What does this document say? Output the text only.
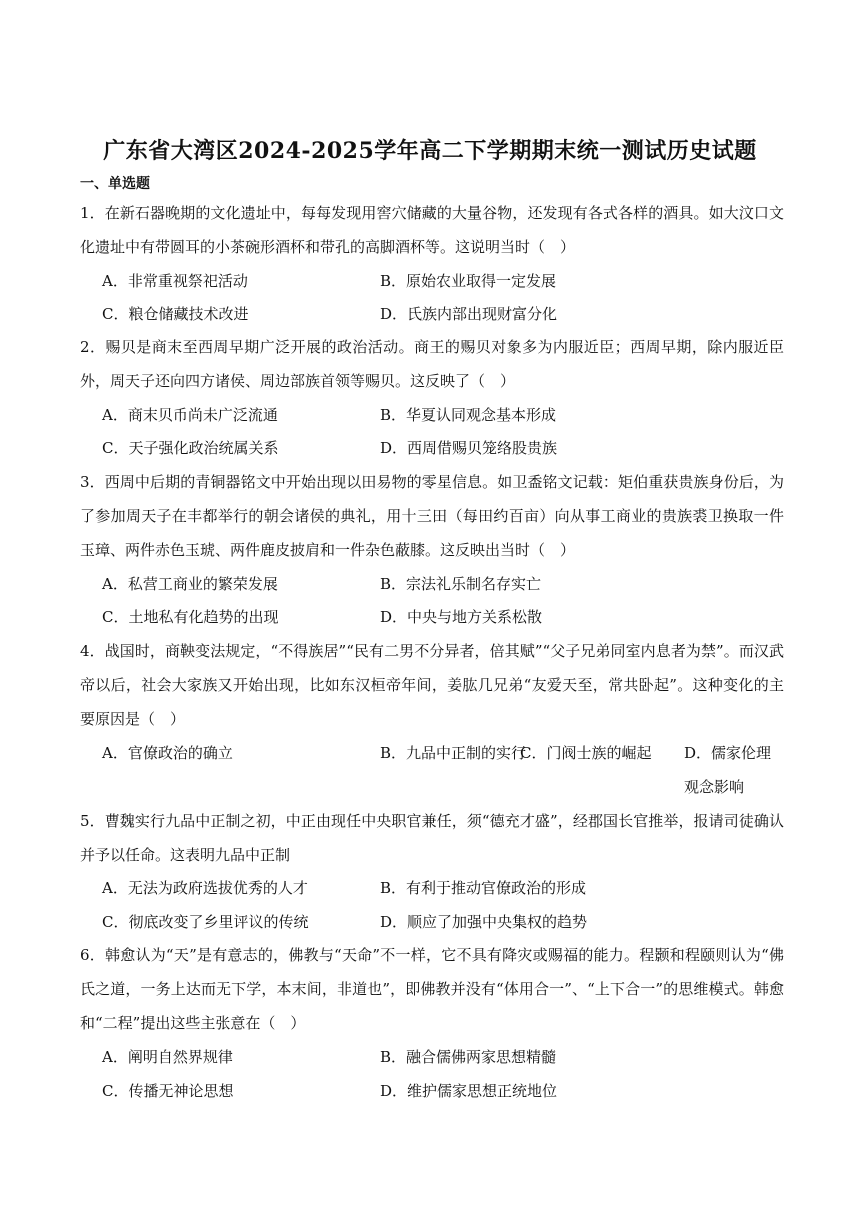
广东省大湾区2024-2025学年高二下学期期末统一测试历史试题
一、单选题
1．在新石器晚期的文化遗址中，每每发现用窖穴储藏的大量谷物，还发现有各式各样的酒具。如大汶口文化遗址中有带圆耳的小茶碗形酒杯和带孔的高脚酒杯等。这说明当时（　）
A．非常重视祭祀活动	B．原始农业取得一定发展
C．粮仓储藏技术改进	D．氏族内部出现财富分化
2．赐贝是商末至西周早期广泛开展的政治活动。商王的赐贝对象多为内服近臣；西周早期，除内服近臣外，周天子还向四方诸侯、周边部族首领等赐贝。这反映了（　）
A．商末贝币尚未广泛流通	B．华夏认同观念基本形成
C．天子强化政治统属关系	D．西周借赐贝笼络股贵族
3．西周中后期的青铜器铭文中开始出现以田易物的零星信息。如卫盉铭文记载：矩伯重获贵族身份后，为了参加周天子在丰都举行的朝会诸侯的典礼，用十三田（每田约百亩）向从事工商业的贵族裘卫换取一件玉璋、两件赤色玉琥、两件鹿皮披肩和一件杂色蔽膝。这反映出当时（　）
A．私营工商业的繁荣发展	B．宗法礼乐制名存实亡
C．土地私有化趋势的出现	D．中央与地方关系松散
4．战国时，商鞅变法规定，“不得族居”“民有二男不分异者，倍其赋”“父子兄弟同室内息者为禁”。而汉武帝以后，社会大家族又开始出现，比如东汉桓帝年间，姜肱几兄弟“友爱天至，常共卧起”。这种变化的主要原因是（　）
A．官僚政治的确立	B．九品中正制的实行
C．门阀士族的崛起 D．儒家伦理观念影响
5．曹魏实行九品中正制之初，中正由现任中央职官兼任，须“德充才盛”，经郡国长官推举，报请司徒确认并予以任命。这表明九品中正制
A．无法为政府选拔优秀的人才	B．有利于推动官僚政治的形成
C．彻底改变了乡里评议的传统	D．顺应了加强中央集权的趋势
6．韩愈认为“天”是有意志的，佛教与“天命”不一样，它不具有降灾或赐福的能力。程颢和程颐则认为“佛氏之道，一务上达而无下学，本末间，非道也”，即佛教并没有“体用合一”、“上下合一”的思维模式。韩愈和“二程”提出这些主张意在（　）
A．阐明自然界规律	B．融合儒佛两家思想精髓
C．传播无神论思想	D．维护儒家思想正统地位
